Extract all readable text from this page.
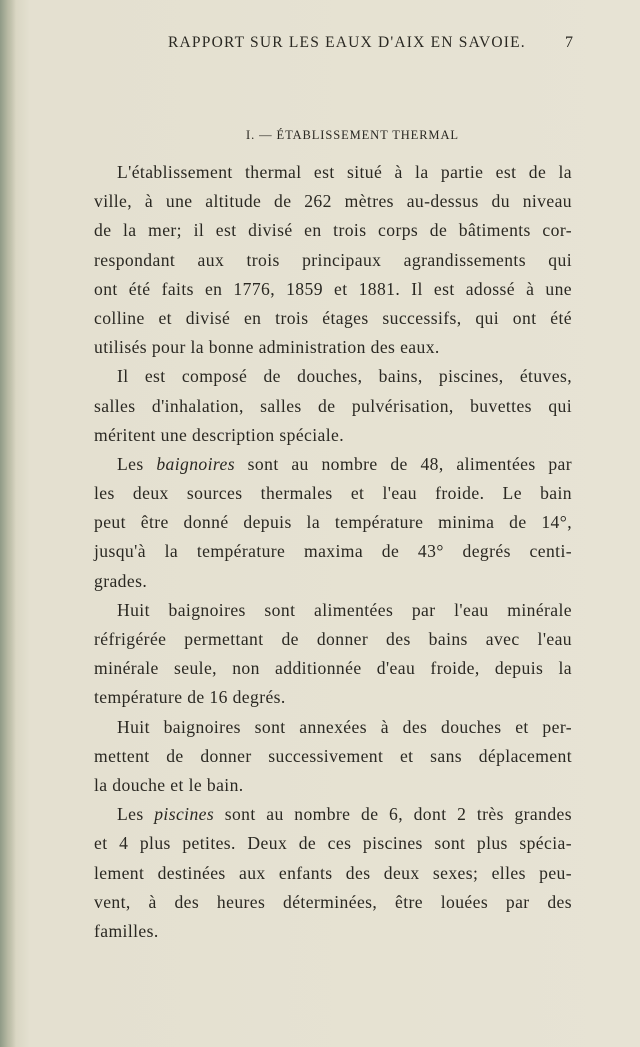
RAPPORT SUR LES EAUX D'AIX EN SAVOIE. 7
I. — ÉTABLISSEMENT THERMAL
L'établissement thermal est situé à la partie est de la
ville, à une altitude de 262 mètres au-dessus du niveau
de la mer; il est divisé en trois corps de bâtiments cor-
respondant aux trois principaux agrandissements qui
ont été faits en 1776, 1859 et 1881. Il est adossé à une
colline et divisé en trois étages successifs, qui ont été
utilisés pour la bonne administration des eaux.
Il est composé de douches, bains, piscines, étuves,
salles d'inhalation, salles de pulvérisation, buvettes qui
méritent une description spéciale.
Les baignoires sont au nombre de 48, alimentées par
les deux sources thermales et l'eau froide. Le bain
peut être donné depuis la température minima de 14°,
jusqu'à la température maxima de 43° degrés centi-
grades.
Huit baignoires sont alimentées par l'eau minérale
réfrigérée permettant de donner des bains avec l'eau
minérale seule, non additionnée d'eau froide, depuis la
température de 16 degrés.
Huit baignoires sont annexées à des douches et per-
mettent de donner successivement et sans déplacement
la douche et le bain.
Les piscines sont au nombre de 6, dont 2 très grandes
et 4 plus petites. Deux de ces piscines sont plus spécia-
lement destinées aux enfants des deux sexes; elles peu-
vent, à des heures déterminées, être louées par des
familles.
